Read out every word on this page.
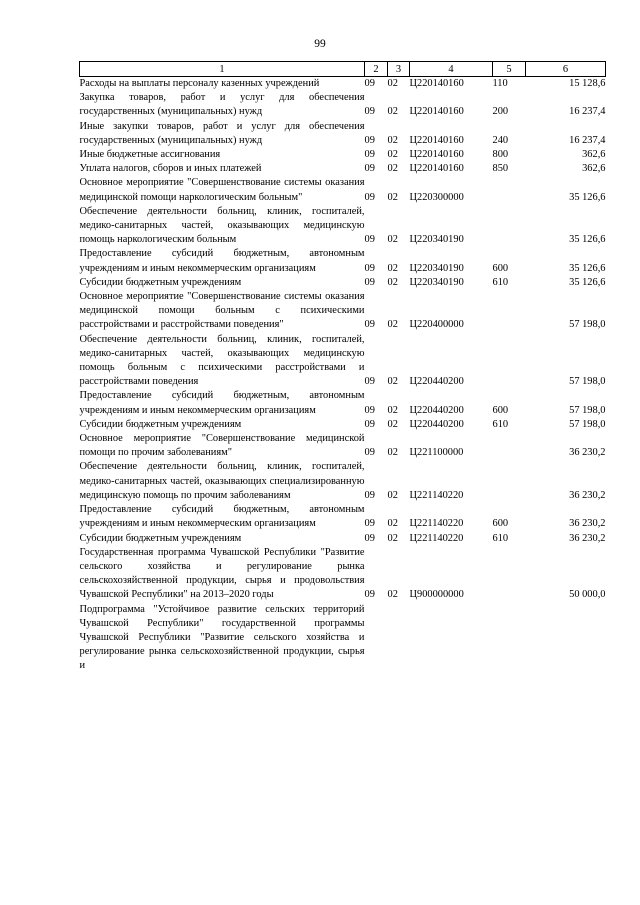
99
1	2	3	4	5	6
Расходы на выплаты персоналу казенных учреждений	09	02	Ц220140160	110	15 128,6
Закупка товаров, работ и услуг для обеспечения государственных (муниципальных) нужд	09	02	Ц220140160	200	16 237,4
Иные закупки товаров, работ и услуг для обеспечения государственных (муниципальных) нужд	09	02	Ц220140160	240	16 237,4
Иные бюджетные ассигнования	09	02	Ц220140160	800	362,6
Уплата налогов, сборов и иных платежей	09	02	Ц220140160	850	362,6
Основное мероприятие "Совершенствование системы оказания медицинской помощи наркологическим больным"	09	02	Ц220300000		35 126,6
Обеспечение деятельности больниц, клиник, госпиталей, медико-санитарных частей, оказывающих медицинскую помощь наркологическим больным	09	02	Ц220340190		35 126,6
Предоставление субсидий бюджетным, автономным учреждениям и иным некоммерческим организациям	09	02	Ц220340190	600	35 126,6
Субсидии бюджетным учреждениям	09	02	Ц220340190	610	35 126,6
Основное мероприятие "Совершенствование системы оказания медицинской помощи больным с психическими расстройствами и расстройствами поведения"	09	02	Ц220400000		57 198,0
Обеспечение деятельности больниц, клиник, госпиталей, медико-санитарных частей, оказывающих медицинскую помощь больным с психическими расстройствами и расстройствами поведения	09	02	Ц220440200		57 198,0
Предоставление субсидий бюджетным, автономным учреждениям и иным некоммерческим организациям	09	02	Ц220440200	600	57 198,0
Субсидии бюджетным учреждениям	09	02	Ц220440200	610	57 198,0
Основное мероприятие "Совершенствование медицинской помощи по прочим заболеваниям"	09	02	Ц221100000		36 230,2
Обеспечение деятельности больниц, клиник, госпиталей, медико-санитарных частей, оказывающих специализированную медицинскую помощь по прочим заболеваниям	09	02	Ц221140220		36 230,2
Предоставление субсидий бюджетным, автономным учреждениям и иным некоммерческим организациям	09	02	Ц221140220	600	36 230,2
Субсидии бюджетным учреждениям	09	02	Ц221140220	610	36 230,2
Государственная программа Чувашской Республики "Развитие сельского хозяйства и регулирование рынка сельскохозяйственной продукции, сырья и продовольствия Чувашской Республики" на 2013–2020 годы	09	02	Ц900000000		50 000,0
Подпрограмма "Устойчивое развитие сельских территорий Чувашской Республики" государственной программы Чувашской Республики "Развитие сельского хозяйства и регулирование рынка сельскохозяйственной продукции, сырья и					
